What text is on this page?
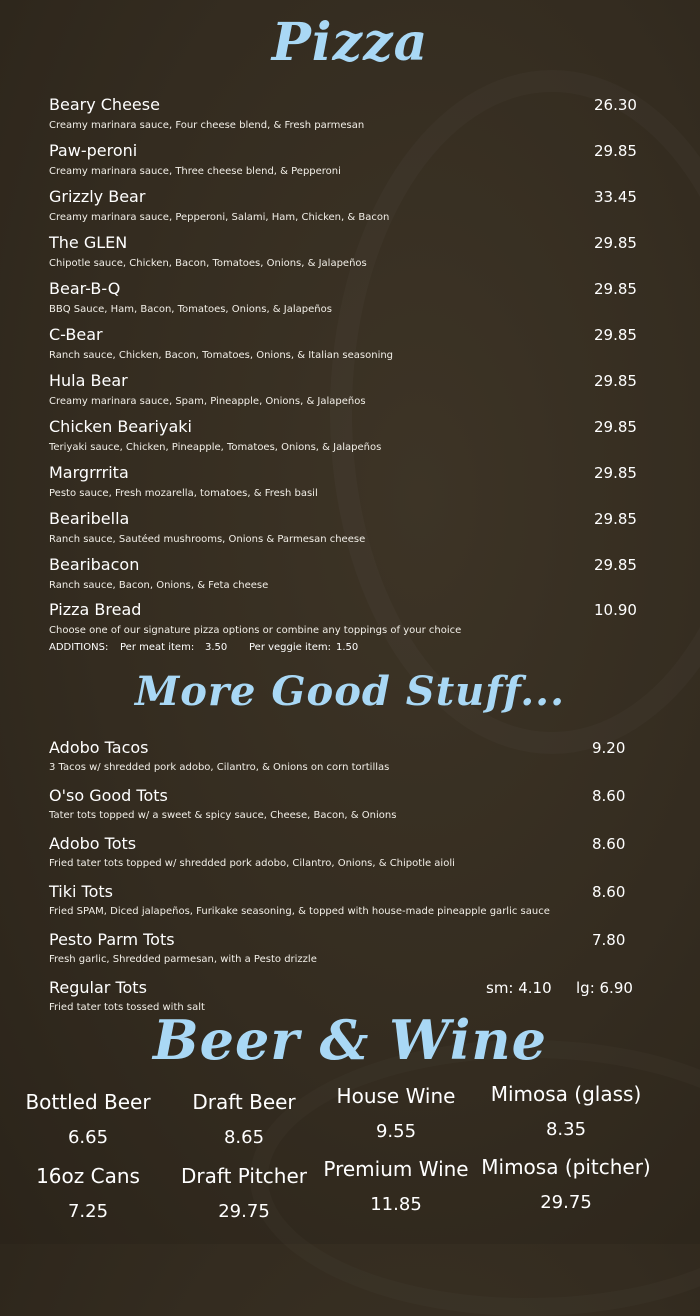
Pizza
Beary Cheese
Creamy marinara sauce, Four cheese blend, & Fresh parmesan
26.30
Paw-peroni
Creamy marinara sauce, Three cheese blend, & Pepperoni
29.85
Grizzly Bear
Creamy marinara sauce, Pepperoni, Salami, Ham, Chicken, & Bacon
33.45
The GLEN
Chipotle sauce, Chicken, Bacon, Tomatoes, Onions, & Jalapeños
29.85
Bear-B-Q
BBQ Sauce, Ham, Bacon, Tomatoes, Onions, & Jalapeños
29.85
C-Bear
Ranch sauce, Chicken, Bacon, Tomatoes, Onions, & Italian seasoning
29.85
Hula Bear
Creamy marinara sauce, Spam, Pineapple, Onions, & Jalapeños
29.85
Chicken Beariyaki
Teriyaki sauce, Chicken, Pineapple, Tomatoes, Onions, & Jalapeños
29.85
Margrrrita
Pesto sauce, Fresh mozarella, tomatoes, & Fresh basil
29.85
Bearibella
Ranch sauce, Sautéed mushrooms, Onions & Parmesan cheese
29.85
Bearibacon
Ranch sauce, Bacon, Onions, & Feta cheese
29.85
Pizza Bread
Choose one of our signature pizza options or combine any toppings of your choice
10.90
ADDITIONS: Per meat item: 3.50 Per veggie item: 1.50
More Good Stuff...
Adobo Tacos
3 Tacos w/ shredded pork adobo, Cilantro, & Onions on corn tortillas
9.20
O'so Good Tots
Tater tots topped w/ a sweet & spicy sauce, Cheese, Bacon, & Onions
8.60
Adobo Tots
Fried tater tots topped w/ shredded pork adobo, Cilantro, Onions, & Chipotle aioli
8.60
Tiki Tots
Fried SPAM, Diced jalapeños, Furikake seasoning, & topped with house-made pineapple garlic sauce
8.60
Pesto Parm Tots
Fresh garlic, Shredded parmesan, with a Pesto drizzle
7.80
Regular Tots
Fried tater tots tossed with salt
sm: 4.10 lg: 6.90
Beer & Wine
Bottled Beer
6.65
Draft Beer
8.65
House Wine
9.55
Mimosa (glass)
8.35
16oz Cans
7.25
Draft Pitcher
29.75
Premium Wine
11.85
Mimosa (pitcher)
29.75
